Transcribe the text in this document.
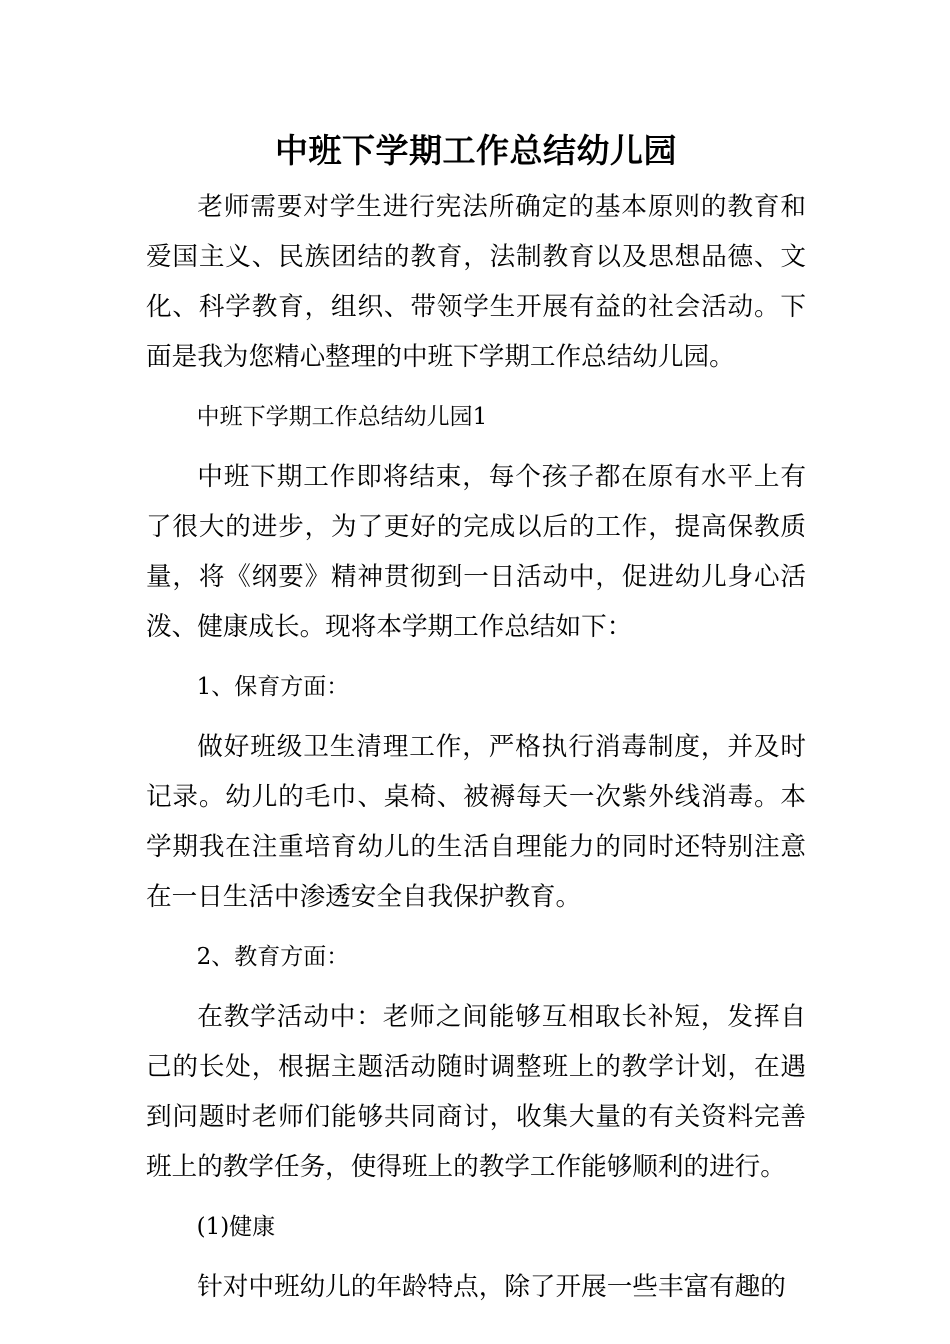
中班下学期工作总结幼儿园

老师需要对学生进行宪法所确定的基本原则的教育和爱国主义、民族团结的教育，法制教育以及思想品德、文化、科学教育，组织、带领学生开展有益的社会活动。下面是我为您精心整理的中班下学期工作总结幼儿园。

中班下学期工作总结幼儿园1

中班下期工作即将结束，每个孩子都在原有水平上有了很大的进步，为了更好的完成以后的工作，提高保教质量，将《纲要》精神贯彻到一日活动中，促进幼儿身心活泼、健康成长。现将本学期工作总结如下：

1、保育方面：

做好班级卫生清理工作，严格执行消毒制度，并及时记录。幼儿的毛巾、桌椅、被褥每天一次紫外线消毒。本学期我在注重培育幼儿的生活自理能力的同时还特别注意在一日生活中渗透安全自我保护教育。

2、教育方面：

在教学活动中：老师之间能够互相取长补短，发挥自己的长处，根据主题活动随时调整班上的教学计划，在遇到问题时老师们能够共同商讨，收集大量的有关资料完善班上的教学任务，使得班上的教学工作能够顺利的进行。

(1)健康

针对中班幼儿的年龄特点，除了开展一些丰富有趣的
